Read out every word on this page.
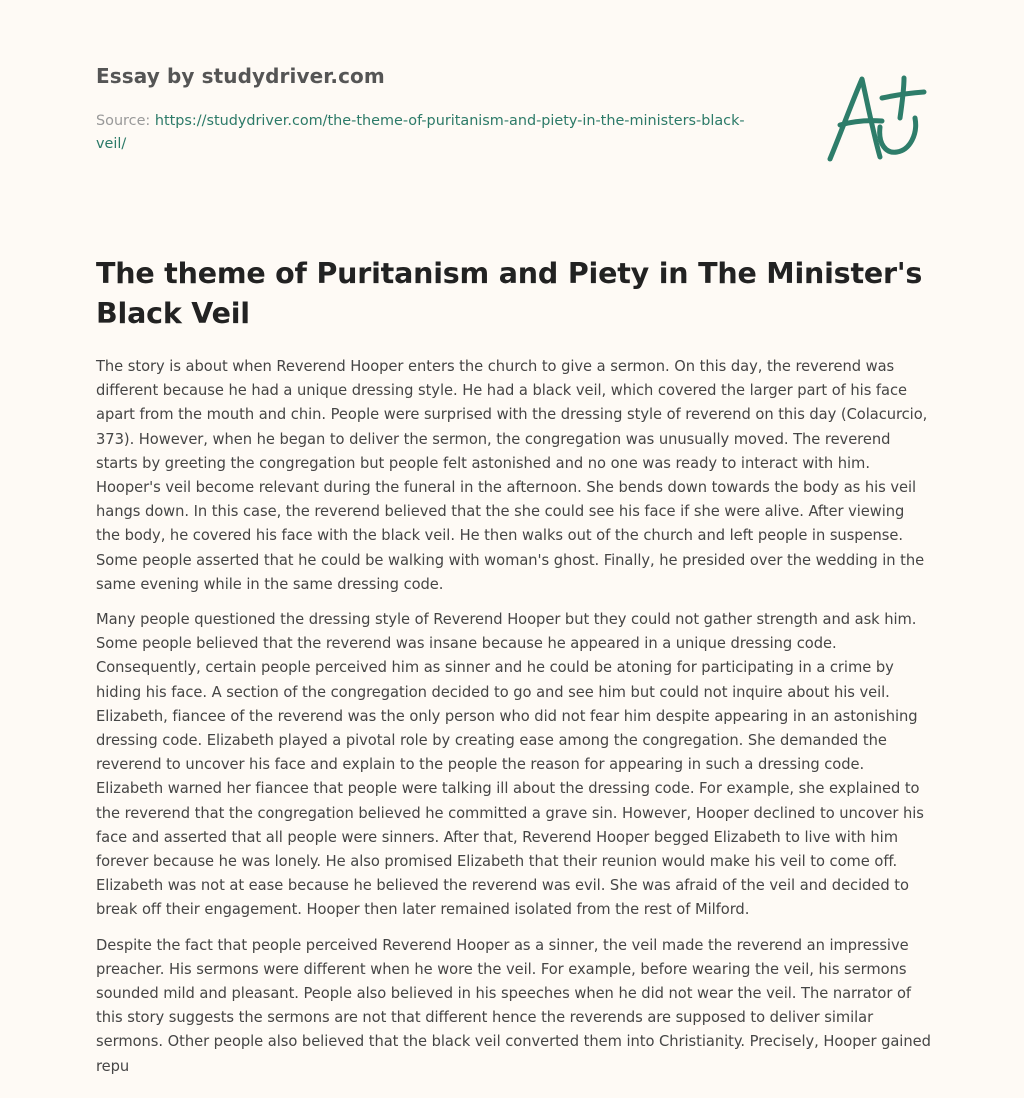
Essay by studydriver.com
Source: https://studydriver.com/the-theme-of-puritanism-and-piety-in-the-ministers-black-veil/
A+
The theme of Puritanism and Piety in The Minister's Black Veil

The story is about when Reverend Hooper enters the church to give a sermon. On this day, the reverend was different because he had a unique dressing style. He had a black veil, which covered the larger part of his face apart from the mouth and chin. People were surprised with the dressing style of reverend on this day (Colacurcio, 373). However, when he began to deliver the sermon, the congregation was unusually moved. The reverend starts by greeting the congregation but people felt astonished and no one was ready to interact with him. Hooper's veil become relevant during the funeral in the afternoon. She bends down towards the body as his veil hangs down. In this case, the reverend believed that the she could see his face if she were alive. After viewing the body, he covered his face with the black veil. He then walks out of the church and left people in suspense. Some people asserted that he could be walking with woman's ghost. Finally, he presided over the wedding in the same evening while in the same dressing code.

Many people questioned the dressing style of Reverend Hooper but they could not gather strength and ask him. Some people believed that the reverend was insane because he appeared in a unique dressing code. Consequently, certain people perceived him as sinner and he could be atoning for participating in a crime by hiding his face. A section of the congregation decided to go and see him but could not inquire about his veil. Elizabeth, fiancee of the reverend was the only person who did not fear him despite appearing in an astonishing dressing code. Elizabeth played a pivotal role by creating ease among the congregation. She demanded the reverend to uncover his face and explain to the people the reason for appearing in such a dressing code. Elizabeth warned her fiancee that people were talking ill about the dressing code. For example, she explained to the reverend that the congregation believed he committed a grave sin. However, Hooper declined to uncover his face and asserted that all people were sinners. After that, Reverend Hooper begged Elizabeth to live with him forever because he was lonely. He also promised Elizabeth that their reunion would make his veil to come off. Elizabeth was not at ease because he believed the reverend was evil. She was afraid of the veil and decided to break off their engagement. Hooper then later remained isolated from the rest of Milford.

Despite the fact that people perceived Reverend Hooper as a sinner, the veil made the reverend an impressive preacher. His sermons were different when he wore the veil. For example, before wearing the veil, his sermons sounded mild and pleasant. People also believed in his speeches when he did not wear the veil. The narrator of this story suggests the sermons are not that different hence the reverends are supposed to deliver similar sermons. Other people also believed that the black veil converted them into Christianity. Precisely, Hooper gained repu
